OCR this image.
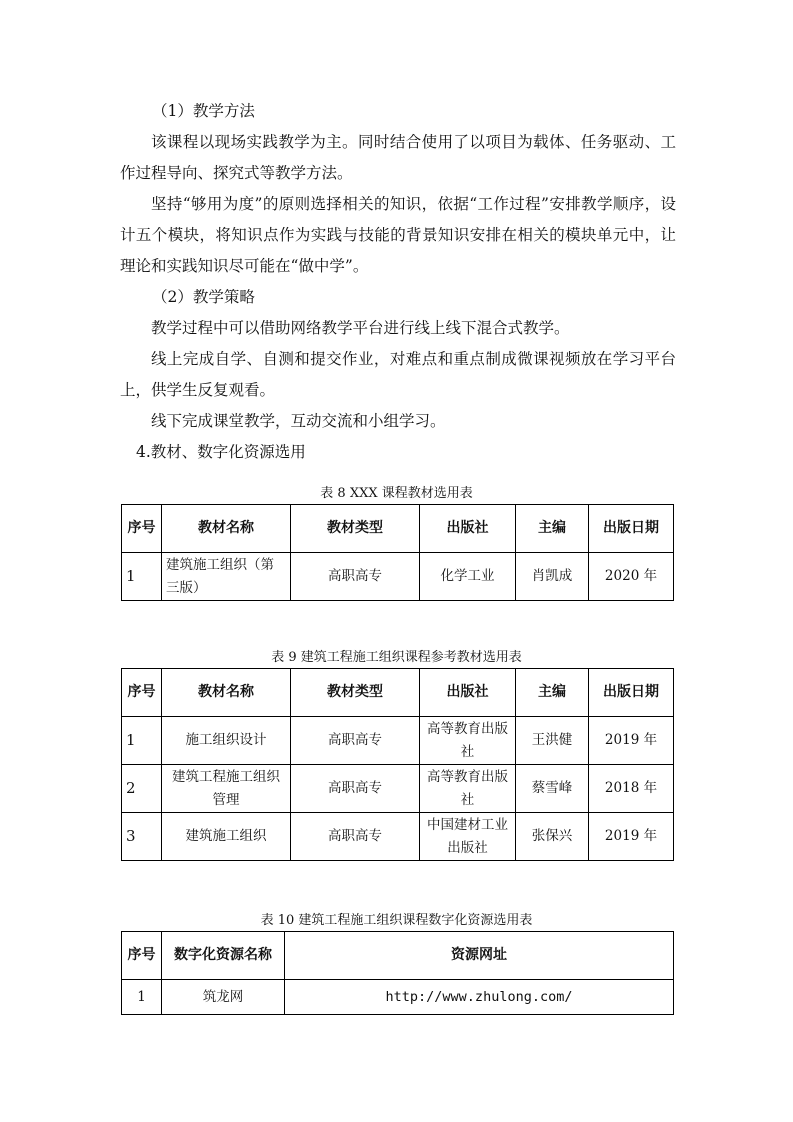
（1）教学方法

该课程以现场实践教学为主。同时结合使用了以项目为载体、任务驱动、工作过程导向、探究式等教学方法。

坚持“够用为度”的原则选择相关的知识，依据“工作过程”安排教学顺序，设计五个模块，将知识点作为实践与技能的背景知识安排在相关的模块单元中，让理论和实践知识尽可能在“做中学”。

（2）教学策略

教学过程中可以借助网络教学平台进行线上线下混合式教学。

线上完成自学、自测和提交作业，对难点和重点制成微课视频放在学习平台上，供学生反复观看。

线下完成课堂教学，互动交流和小组学习。

4.教材、数字化资源选用

表 8 XXX 课程教材选用表

序号	教材名称	教材类型	出版社	主编	出版日期
1	建筑施工组织（第三版）	高职高专	化学工业	肖凯成	2020 年

表 9 建筑工程施工组织课程参考教材选用表

序号	教材名称	教材类型	出版社	主编	出版日期
1	施工组织设计	高职高专	高等教育出版社	王洪健	2019 年
2	建筑工程施工组织管理	高职高专	高等教育出版社	蔡雪峰	2018 年
3	建筑施工组织	高职高专	中国建材工业出版社	张保兴	2019 年

表 10 建筑工程施工组织课程数字化资源选用表

序号	数字化资源名称	资源网址
1	筑龙网	http://www.zhulong.com/
